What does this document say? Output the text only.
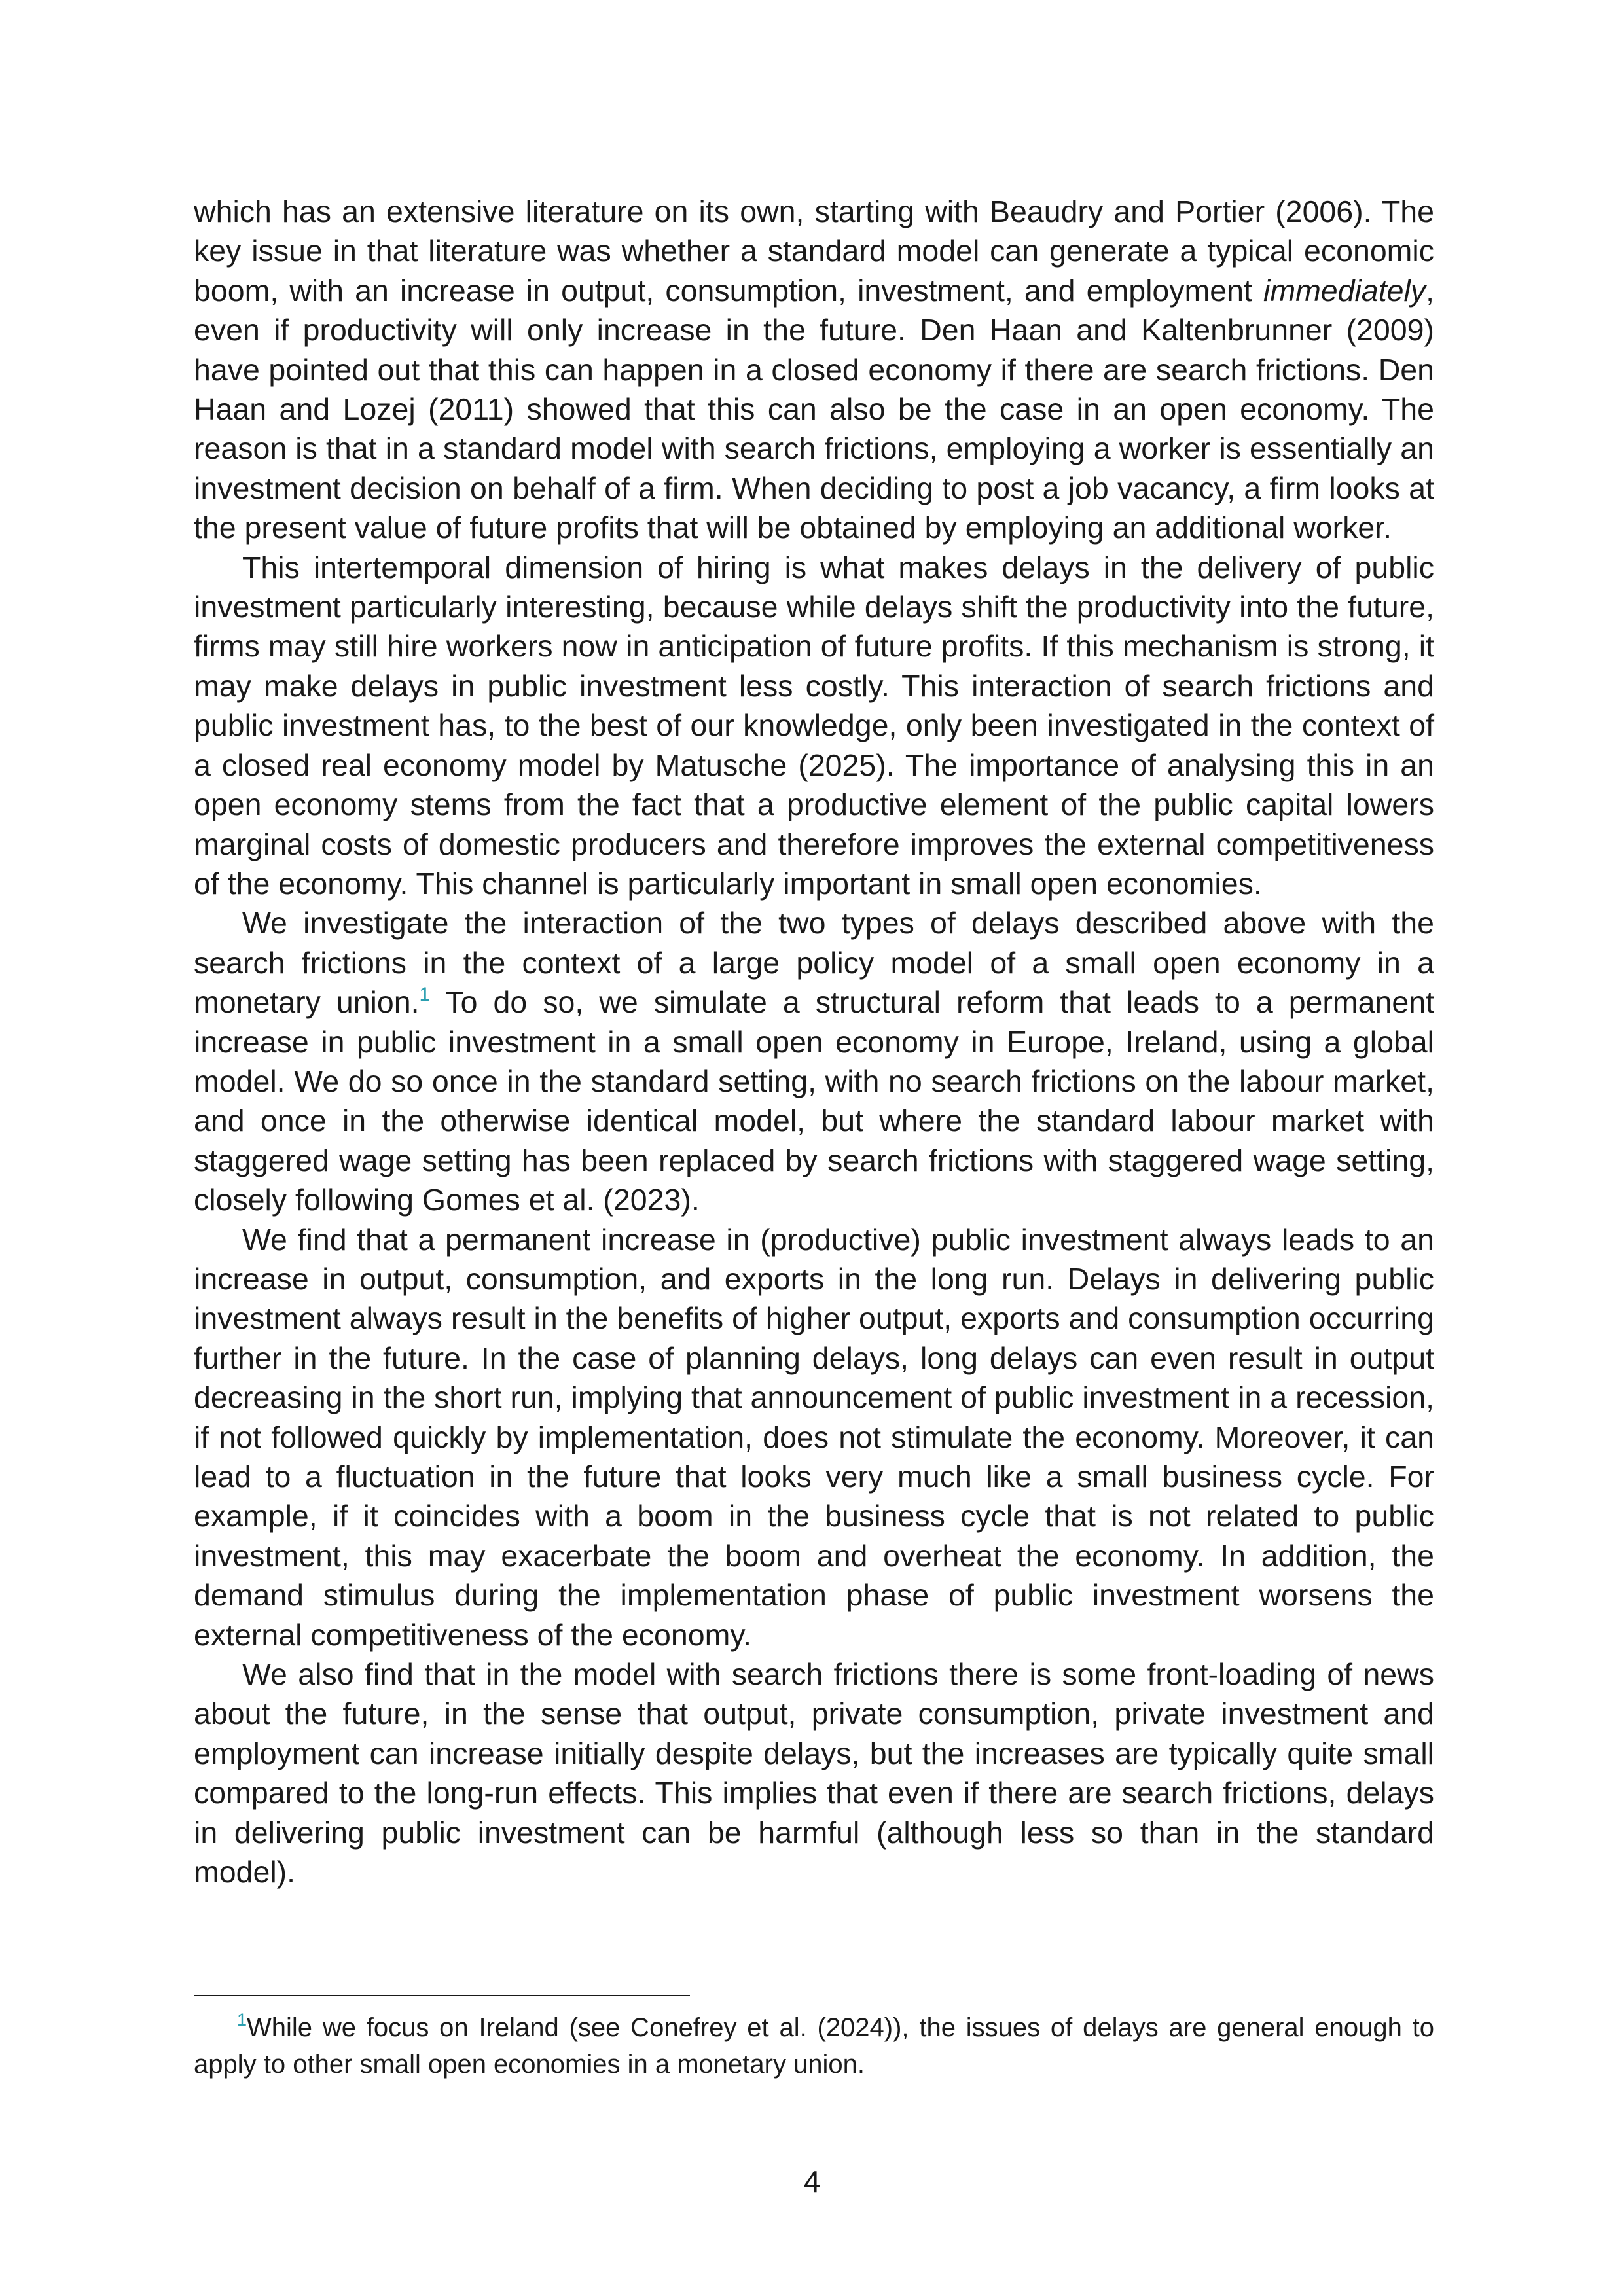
which has an extensive literature on its own, starting with Beaudry and Portier (2006). The key issue in that literature was whether a standard model can generate a typical economic boom, with an increase in output, consumption, investment, and employment immediately, even if productivity will only increase in the future. Den Haan and Kaltenbrunner (2009) have pointed out that this can happen in a closed economy if there are search frictions. Den Haan and Lozej (2011) showed that this can also be the case in an open economy. The reason is that in a standard model with search frictions, employing a worker is essentially an investment decision on behalf of a firm. When deciding to post a job vacancy, a firm looks at the present value of future profits that will be obtained by employing an additional worker.

This intertemporal dimension of hiring is what makes delays in the delivery of public investment particularly interesting, because while delays shift the productivity into the future, firms may still hire workers now in anticipation of future profits. If this mechanism is strong, it may make delays in public investment less costly. This interaction of search frictions and public investment has, to the best of our knowledge, only been investigated in the context of a closed real economy model by Matusche (2025). The importance of analysing this in an open economy stems from the fact that a productive element of the public capital lowers marginal costs of domestic producers and therefore improves the external competitiveness of the economy. This channel is particularly important in small open economies.

We investigate the interaction of the two types of delays described above with the search frictions in the context of a large policy model of a small open economy in a monetary union.$^1$ To do so, we simulate a structural reform that leads to a permanent increase in public investment in a small open economy in Europe, Ireland, using a global model. We do so once in the standard setting, with no search frictions on the labour market, and once in the otherwise identical model, but where the standard labour market with staggered wage setting has been replaced by search frictions with staggered wage setting, closely following Gomes et al. (2023).

We find that a permanent increase in (productive) public investment always leads to an increase in output, consumption, and exports in the long run. Delays in delivering public investment always result in the benefits of higher output, exports and consumption occurring further in the future. In the case of planning delays, long delays can even result in output decreasing in the short run, implying that announcement of public investment in a recession, if not followed quickly by implementation, does not stimulate the economy. Moreover, it can lead to a fluctuation in the future that looks very much like a small business cycle. For example, if it coincides with a boom in the business cycle that is not related to public investment, this may exacerbate the boom and overheat the economy. In addition, the demand stimulus during the implementation phase of public investment worsens the external competitiveness of the economy.

We also find that in the model with search frictions there is some front-loading of news about the future, in the sense that output, private consumption, private investment and employment can increase initially despite delays, but the increases are typically quite small compared to the long-run effects. This implies that even if there are search frictions, delays in delivering public investment can be harmful (although less so than in the standard model).

$^1$While we focus on Ireland (see Conefrey et al. (2024)), the issues of delays are general enough to apply to other small open economies in a monetary union.

4
